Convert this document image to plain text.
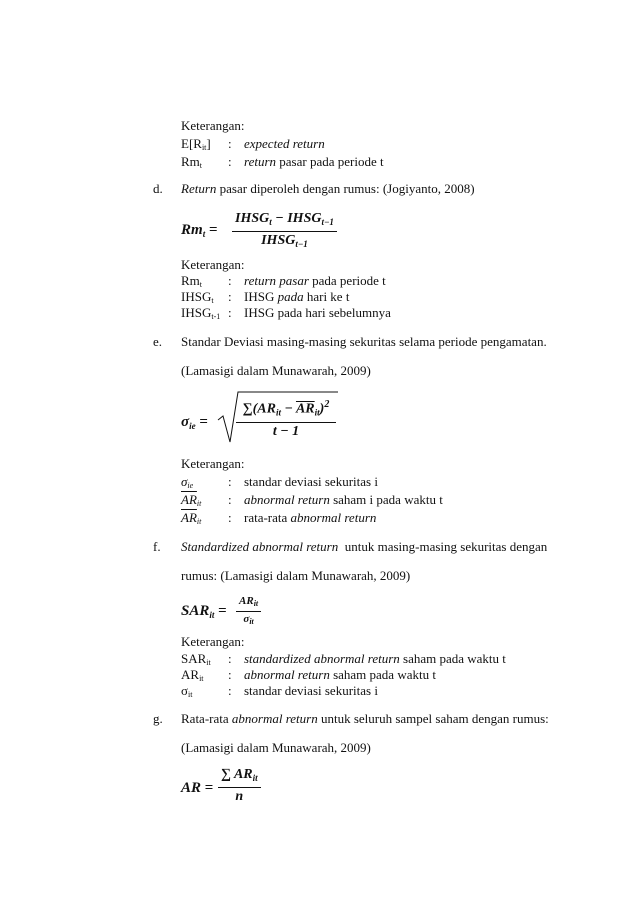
Keterangan:
E[Rit] : expected return
Rmt : return pasar pada periode t
d. Return pasar diperoleh dengan rumus: (Jogiyanto, 2008)
$Rm_t$ =
$IHSG_t$ − $IHSG_{t-1}$
$IHSG_{t-1}$
Keterangan:
Rmt : return pasar pada periode t
IHSGt : IHSG pada hari ke t
IHSGt-1 : IHSG pada hari sebelumnya
e. Standar Deviasi masing-masing sekuritas selama periode pengamatan.
(Lamasigi dalam Munawarah, 2009)
$\sigma_{ie}$ =
$\sum(AR_{it} - \overline{AR}_{it})^2$
t − 1
Keterangan:
σie	: standar deviasi sekuritas i
$\overline{AR}it$ : abnormal return saham i pada waktu t
$\overline{AR}it$ : rata-rata abnormal return
f. Standardized abnormal return  untuk masing-masing sekuritas dengan
rumus: (Lamasigi dalam Munawarah, 2009)
$SAR_{it}$ =
ARit
σit
Keterangan:
SARit : standardized abnormal return saham pada waktu t
ARit : abnormal return saham pada waktu t
σit	: standar deviasi sekuritas i
g. Rata-rata abnormal return untuk seluruh sampel saham dengan rumus:
(Lamasigi dalam Munawarah, 2009)
AR =
∑ $AR_{it}$
n
